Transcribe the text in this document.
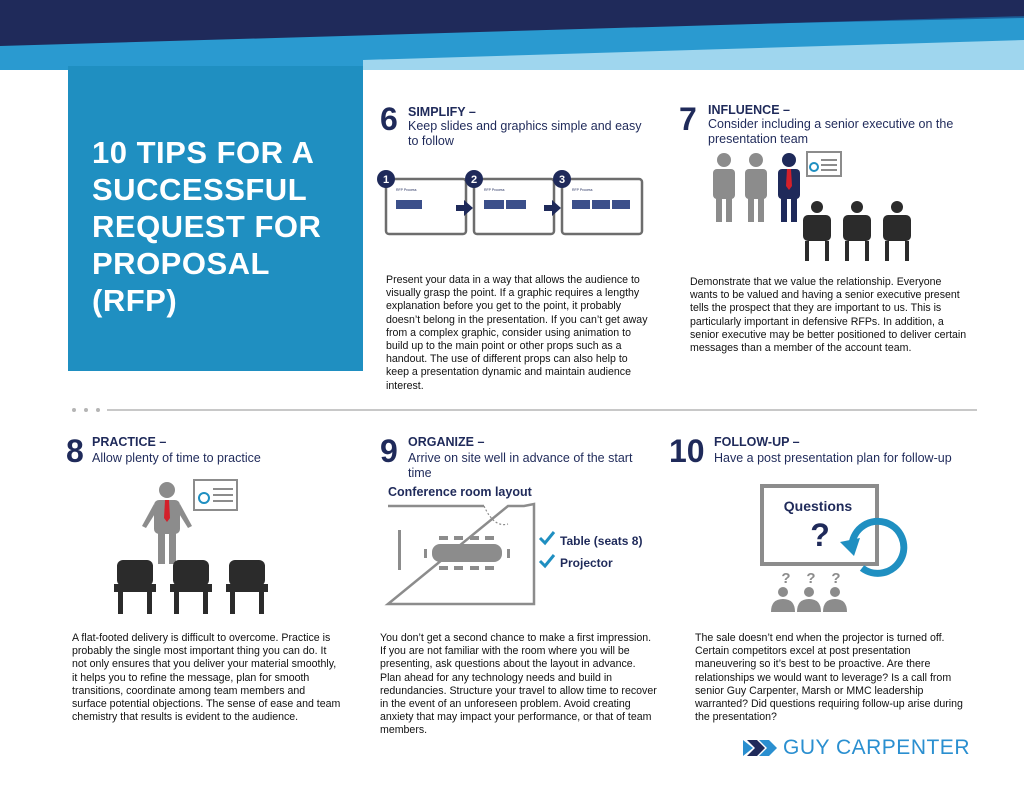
10 TIPS FOR A SUCCESSFUL REQUEST FOR PROPOSAL (RFP)
6 SIMPLIFY –
Keep slides and graphics simple and easy to follow
1	2	3
RFP Process	RFP Process	RFP Process
Present your data in a way that allows the audience to visually grasp the point. If a graphic requires a lengthy explanation before you get to the point, it probably doesn’t belong in the presentation. If you can’t get away from a complex graphic, consider using animation to build up to the main point or other props such as a handout. The use of different props can also help to keep a presentation dynamic and maintain audience interest.
7 INFLUENCE –
Consider including a senior executive on the presentation team
Demonstrate that we value the relationship. Everyone wants to be valued and having a senior executive present tells the prospect that they are important to us. This is particularly important in defensive RFPs. In addition, a senior executive may be better positioned to deliver certain messages than a member of the account team.
8 PRACTICE –
Allow plenty of time to practice
A flat-footed delivery is difficult to overcome. Practice is probably the single most important thing you can do. It not only ensures that you deliver your material smoothly, it helps you to refine the message, plan for smooth transitions, coordinate among team members and surface potential objections. The sense of ease and team chemistry that results is evident to the audience.
9 ORGANIZE –
Arrive on site well in advance of the start time
Conference room layout
Table (seats 8)
Projector
You don’t get a second chance to make a first impression. If you are not familiar with the room where you will be presenting, ask questions about the layout in advance. Plan ahead for any technology needs and build in redundancies. Structure your travel to allow time to recover in the event of an unforeseen problem. Avoid creating anxiety that may impact your performance, or that of team members.
10 FOLLOW-UP –
Have a post presentation plan for follow-up
Questions
?
? ? ?
The sale doesn’t end when the projector is turned off. Certain competitors excel at post presentation maneuvering so it’s best to be proactive. Are there relationships we would want to leverage? Is a call from senior Guy Carpenter, Marsh or MMC leadership warranted? Did questions requiring follow-up arise during the presentation?
GUY CARPENTER
